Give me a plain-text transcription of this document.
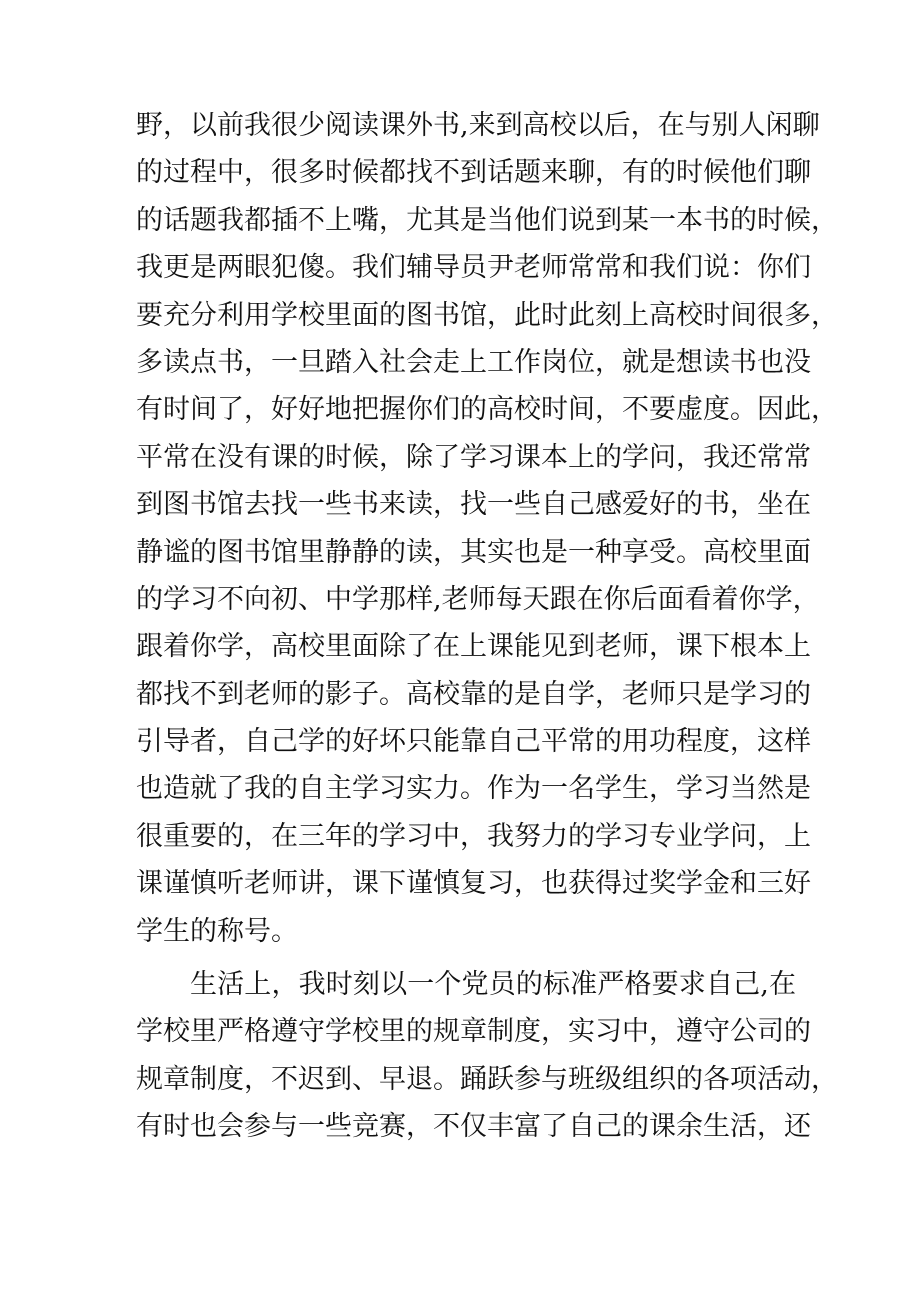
野，以前我很少阅读课外书,来到高校以后，在与别人闲聊
的过程中，很多时候都找不到话题来聊，有的时候他们聊
的话题我都插不上嘴，尤其是当他们说到某一本书的时候，
我更是两眼犯傻。我们辅导员尹老师常常和我们说：你们
要充分利用学校里面的图书馆，此时此刻上高校时间很多，
多读点书，一旦踏入社会走上工作岗位，就是想读书也没
有时间了，好好地把握你们的高校时间，不要虚度。因此，
平常在没有课的时候，除了学习课本上的学问，我还常常
到图书馆去找一些书来读，找一些自己感爱好的书，坐在
静谧的图书馆里静静的读，其实也是一种享受。高校里面
的学习不向初、中学那样,老师每天跟在你后面看着你学，
跟着你学，高校里面除了在上课能见到老师，课下根本上
都找不到老师的影子。高校靠的是自学，老师只是学习的
引导者，自己学的好坏只能靠自己平常的用功程度，这样
也造就了我的自主学习实力。作为一名学生，学习当然是
很重要的，在三年的学习中，我努力的学习专业学问，上
课谨慎听老师讲，课下谨慎复习，也获得过奖学金和三好
学生的称号。
生活上，我时刻以一个党员的标准严格要求自己,在
学校里严格遵守学校里的规章制度，实习中，遵守公司的
规章制度，不迟到、早退。踊跃参与班级组织的各项活动，
有时也会参与一些竞赛，不仅丰富了自己的课余生活，还
